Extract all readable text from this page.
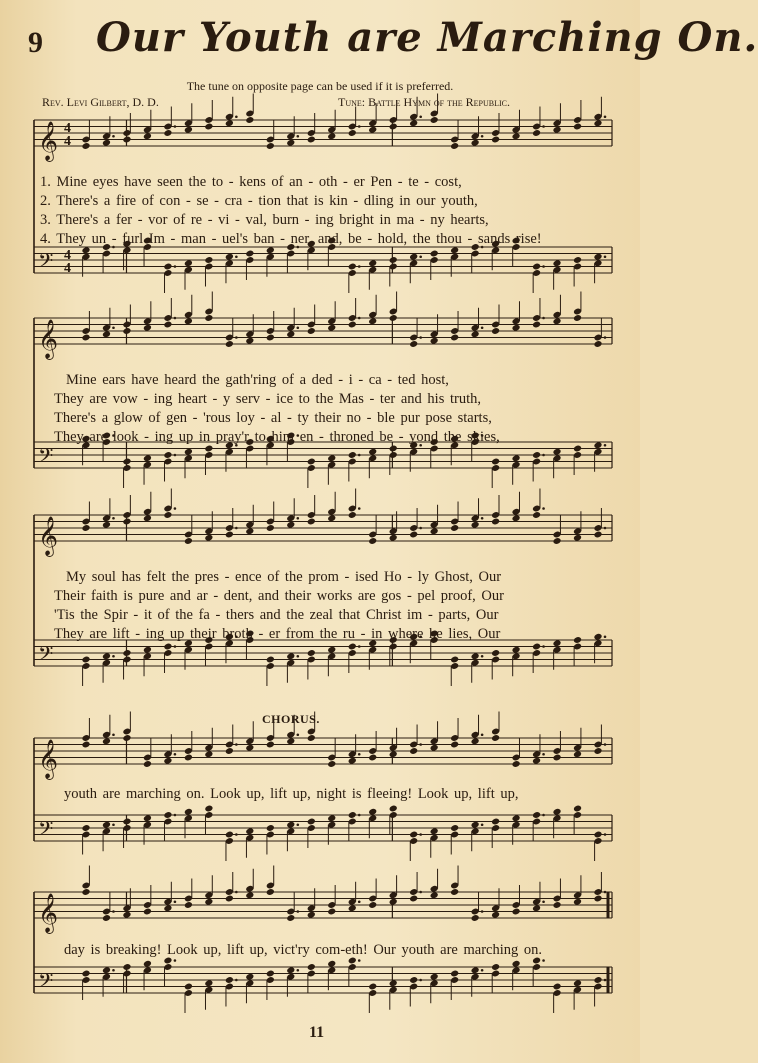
9 Our Youth are Marching On.
The tune on opposite page can be used if it is preferred.
Rev. Levi Gilbert, D. D.	Tune: Battle Hymn of the Republic.
𝄞 4
4
𝄢 4
4
1. Mine eyes have seen the to - kens of an - oth - er Pen - te - cost,
2. There's a fire of con - se - cra - tion that is kin - dling in our youth,
3. There's a fer - vor of re - vi - val, burn - ing bright in ma - ny hearts,
4. They un - furl Im - man - uel's ban - ner, and, be - hold, the thou - sands rise!
𝄞
𝄢
Mine ears have heard the gath'ring of a ded - i - ca - ted host,
They are vow - ing heart - y serv - ice to the Mas - ter and his truth,
There's a glow of gen - 'rous loy - al - ty their no - ble pur pose starts,
They are look - ing up in pray'r to him en - throned be - yond the skies,
𝄞
𝄢
My soul has felt the pres - ence of the prom - ised Ho - ly Ghost, Our
Their faith is pure and ar - dent, and their works are gos - pel proof, Our
'Tis the Spir - it of the fa - thers and the zeal that Christ im - parts, Our
They are lift - ing up their broth - er from the ru - in where he lies, Our
CHORUS.
𝄞
𝄢
youth are marching on. Look up, lift up, night is fleeing! Look up, lift up,
𝄞
𝄢
day is breaking! Look up, lift up, vict'ry com-eth! Our youth are marching on.
11
